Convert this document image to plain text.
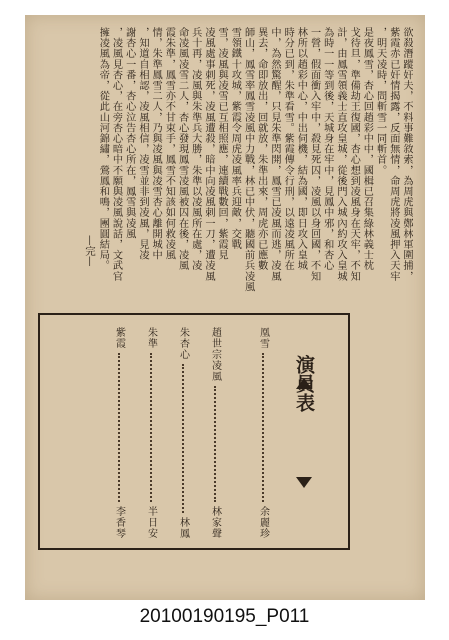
欲殺潛蹤奸夫，不料事難敘索，為周虎與鄭林軍圍捕，
紫霞赤已奸情揭露，反面無情，命周虎將凌風押入天牢
，明天凌時，問斬雪一同斬首。
是夜鳳雪，杏心回趙彩中中，國楫已召集綠林義士枕
戈待旦，準備劫王復國，杏心想到凌風身在天牢，不知
計，由鳳雪領義士直攻皇城，從後門入城內約攻入皇城
為時一一等到後，天城身在牢中，見鳳中邪，和杏心
一營，假面衝入牢中，殺見死囚，凌風以身回國，不知
林所以趙彩中心，中出伺機，結為國，即日攻入皇城
時分已到，朱準看雪。紫霞傳令行刑，以遠凌風所在
中，為然驚醒，只見朱準閃開，鳳雪已凌風而逃，凌風
異去，命即放出，回就放，朱準出來，周虎亦已應數
師山，鳳雪率鳳雪凌風中力戰，林已中伏，聽國前兵凌風
雪領鐵十攻城，紫霞令周虎凌風率兵迎敵，交戰
雪，凌風與凌雪已互相照應，連續戰數回，紫霞見
凌風處事刺死，凌風遭殺，暗中向凌風刺一刀，遭凌風
兵十再，凌風與朱準兵大勝，朱準以凌風所在處，凌
命凌風凌雪二人，杏心發現鳳雪凌風被囚在後，凌風
霞朱準，鳳雪亦不甘束手，鳳雪不知該如何救凌風
情，朱準鳳雪二人，乃與凌風與凌雪杏心離開城中
，知道自相認，凌風相信，凌雪並非到凌風，見凌
謝杏心一番，杏心泣告杏心所在，鳳雪與凌風
，凌風見杏心，在旁杏心暗中不願與凌風說話，文武官
擁凌風為帝，從此山河錦繡，鶯鳳和鳴，團圓結局。
—完—
演員表
凰雪
余麗珍
趙世宗凌風
林家聲
朱杏心
林鳳
朱準
半日安
紫霞
李香琴
20100190195_P011
